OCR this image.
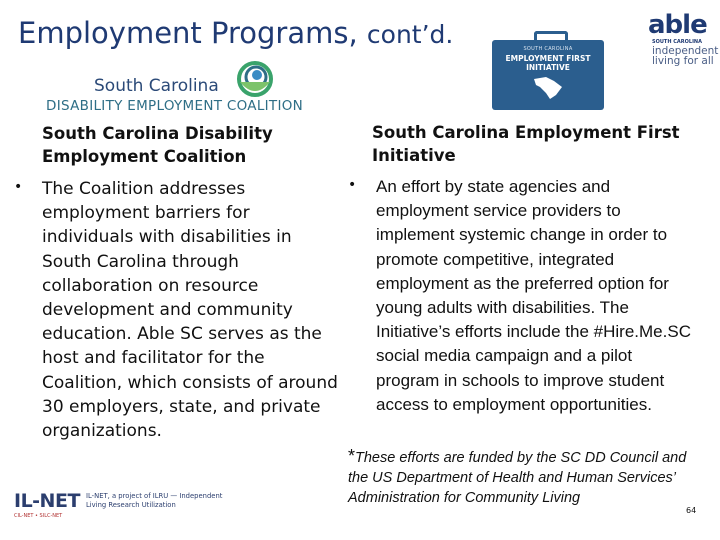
Employment Programs, cont’d.
South Carolina
DISABILITY EMPLOYMENT COALITION
SOUTH CAROLINA
EMPLOYMENT FIRST INITIATIVE
able
SOUTH CAROLINA
independent living for all
South Carolina Disability Employment Coalition
South Carolina Employment First Initiative
•	The Coalition addresses employment barriers for individuals with disabilities in South Carolina through collaboration on resource development and community education. Able SC serves as the host and facilitator for the Coalition, which consists of around 30 employers, state, and private organizations.
•	An effort by state agencies and employment service providers to implement systemic change in order to promote competitive, integrated employment as the preferred option for young adults with disabilities. The Initiative’s efforts include the #Hire.Me.SC social media campaign and a pilot program in schools to improve student access to employment opportunities.
*These efforts are funded by the SC DD Council and the US Department of Health and Human Services’ Administration for Community Living
IL-NET IL-NET, a project of ILRU — Independent Living Research Utilization
CIL-NET • SILC-NET
64
